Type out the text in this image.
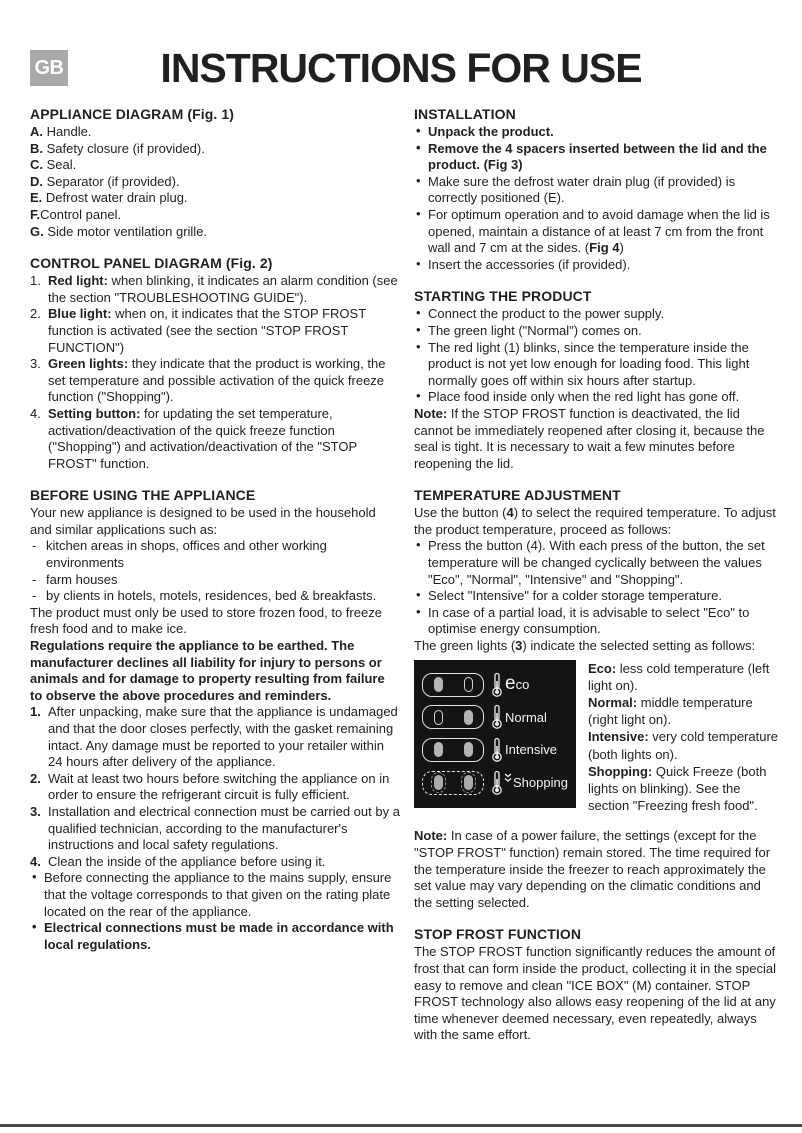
GB	INSTRUCTIONS FOR USE
APPLIANCE DIAGRAM (Fig. 1)

A. Handle.

B. Safety closure (if provided).

C. Seal.

D. Separator (if provided).

E. Defrost water drain plug.

F.Control panel.

G. Side motor ventilation grille.

CONTROL PANEL DIAGRAM (Fig. 2)

1. Red light: when blinking, it indicates an alarm condition (see the section "TROUBLESHOOTING GUIDE").

2. Blue light: when on, it indicates that the STOP FROST function is activated (see the section "STOP FROST FUNCTION")

3. Green lights: they indicate that the product is working, the set temperature and possible activation of the quick freeze function ("Shopping").

4. Setting button: for updating the set temperature, activation/deactivation of the quick freeze function ("Shopping") and activation/deactivation of the "STOP FROST" function.

BEFORE USING THE APPLIANCE

Your new appliance is designed to be used in the household and similar applications such as:

- kitchen areas in shops, offices and other working environments

- farm houses

- by clients in hotels, motels, residences, bed & breakfasts.

The product must only be used to store frozen food, to freeze fresh food and to make ice.

Regulations require the appliance to be earthed. The manufacturer declines all liability for injury to persons or animals and for damage to property resulting from failure to observe the above procedures and reminders.

1. After unpacking, make sure that the appliance is undamaged and that the door closes perfectly, with the gasket remaining intact. Any damage must be reported to your retailer within 24 hours after delivery of the appliance.

2. Wait at least two hours before switching the appliance on in order to ensure the refrigerant circuit is fully efficient.

3. Installation and electrical connection must be carried out by a qualified technician, according to the manufacturer's instructions and local safety regulations.

4. Clean the inside of the appliance before using it.

• Before connecting the appliance to the mains supply, ensure that the voltage corresponds to that given on the rating plate located on the rear of the appliance.

• Electrical connections must be made in accordance with local regulations.

INSTALLATION

• Unpack the product.

• Remove the 4 spacers inserted between the lid and the product. (Fig 3)

• Make sure the defrost water drain plug (if provided) is correctly positioned (E).

• For optimum operation and to avoid damage when the lid is opened, maintain a distance of at least 7 cm from the front wall and 7 cm at the sides. (Fig 4)

• Insert the accessories (if provided).

STARTING THE PRODUCT

• Connect the product to the power supply.

• The green light ("Normal") comes on.

• The red light (1) blinks, since the temperature inside the product is not yet low enough for loading food. This light normally goes off within six hours after startup.

• Place food inside only when the red light has gone off.

Note: If the STOP FROST function is deactivated, the lid cannot be immediately reopened after closing it, because the seal is tight. It is necessary to wait a few minutes before reopening the lid.

TEMPERATURE ADJUSTMENT

Use the button (4) to select the required temperature. To adjust the product temperature, proceed as follows:

• Press the button (4). With each press of the button, the set temperature will be changed cyclically between the values "Eco", "Normal", "Intensive" and "Shopping".

• Select "Intensive" for a colder storage temperature.

• In case of a partial load, it is advisable to select "Eco" to optimise energy consumption.

The green lights (3) indicate the selected setting as follows:

eco
Normal
Intensive
Shopping

Eco: less cold temperature (left light on).

Normal: middle temperature (right light on).

Intensive: very cold temperature (both lights on).

Shopping: Quick Freeze (both lights on blinking). See the section "Freezing fresh food".

Note: In case of a power failure, the settings (except for the "STOP FROST" function) remain stored. The time required for the temperature inside the freezer to reach approximately the set value may vary depending on the climatic conditions and the setting selected.

STOP FROST FUNCTION

The STOP FROST function significantly reduces the amount of frost that can form inside the product, collecting it in the special easy to remove and clean "ICE BOX" (M) container. STOP FROST technology also allows easy reopening of the lid at any time whenever deemed necessary, even repeatedly, always with the same effort.
